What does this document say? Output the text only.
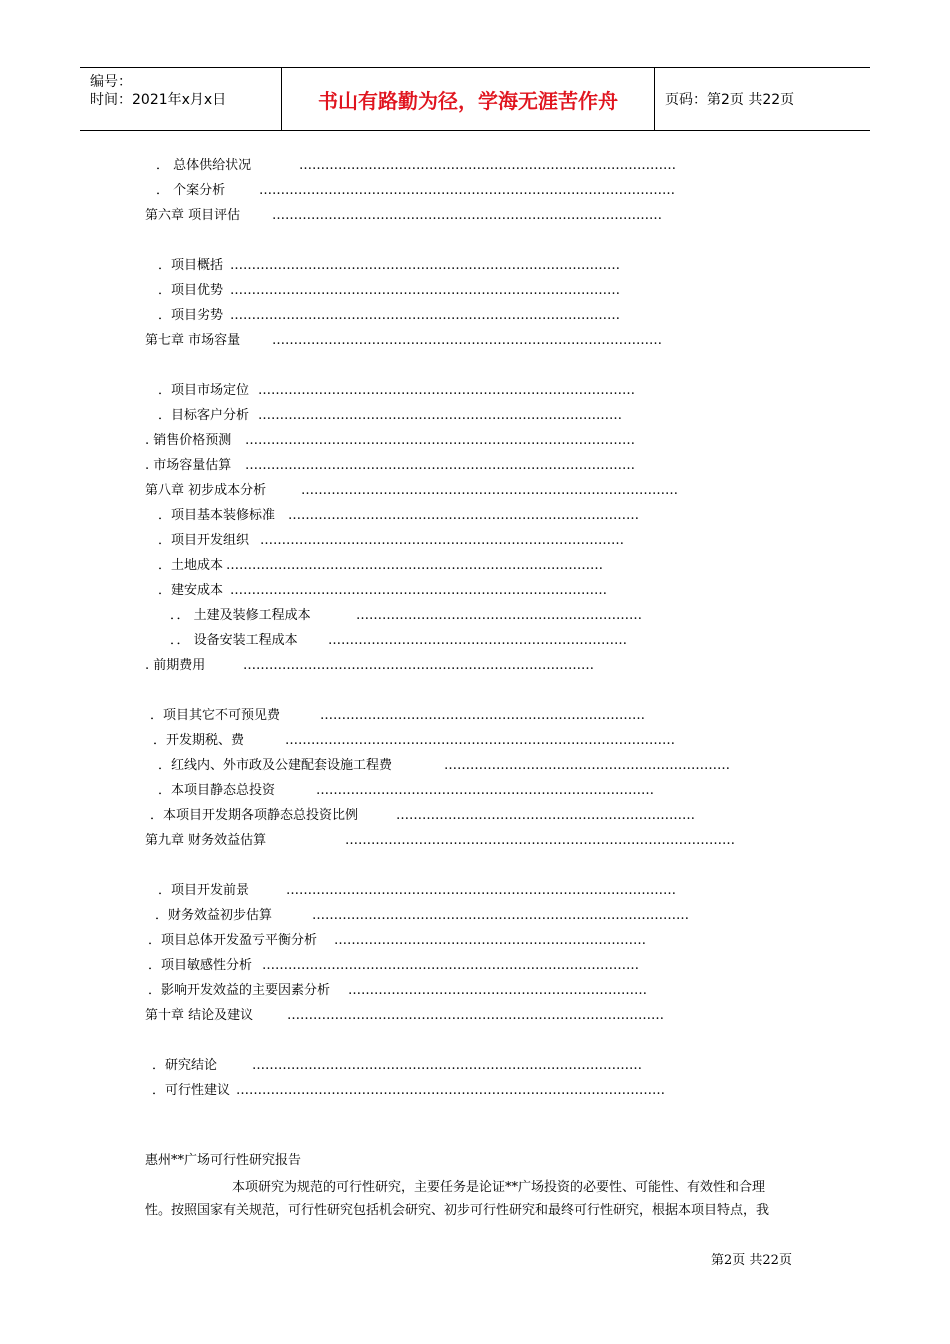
编号：
时间：2021年x月x日	书山有路勤为径，学海无涯苦作舟	页码：第2页 共22页
． 总体供给状况	……………………………………………………………………………
． 个案分析	……………………………………………………………………………………
第六章 项目评估 ………………………………………………………………………………
．项目概括 ………………………………………………………………………………
．项目优势 ………………………………………………………………………………
．项目劣势 ………………………………………………………………………………
第七章 市场容量 ………………………………………………………………………………
．项目市场定位 ……………………………………………………………………………
．目标客户分析 …………………………………………………………………………
. 销售价格预测 ………………………………………………………………………………
. 市场容量估算 ………………………………………………………………………………
第八章 初步成本分析	……………………………………………………………………………
．项目基本装修标准 ………………………………………………………………………
．项目开发组织 …………………………………………………………………………
．土地成本 ……………………………………………………………………………
．建安成本 ……………………………………………………………………………
．． 土建及装修工程成本	…………………………………………………………
．． 设备安装工程成本 ……………………………………………………………
. 前期费用	………………………………………………………………………
．项目其它不可预见费	…………………………………………………………………
．开发期税、费	………………………………………………………………………………
．红线内、外市政及公建配套设施工程费	…………………………………………………………
．本项目静态总投资	……………………………………………………………………
．本项目开发期各项静态总投资比例	……………………………………………………………
第九章 财务效益估算	………………………………………………………………………………
．项目开发前景	………………………………………………………………………………
．财务效益初步估算	……………………………………………………………………………
．项目总体开发盈亏平衡分析 ………………………………………………………………
．项目敏感性分析 ……………………………………………………………………………
．影响开发效益的主要因素分析 ……………………………………………………………
第十章 结论及建议	……………………………………………………………………………
．研究结论	………………………………………………………………………………
．可行性建议 ………………………………………………………………………………………
惠州**广场可行性研究报告
本项研究为规范的可行性研究，主要任务是论证**广场投资的必要性、可能性、有效性和合理
性。按照国家有关规范，可行性研究包括机会研究、初步可行性研究和最终可行性研究，根据本项目特点，我
第2页 共22页
